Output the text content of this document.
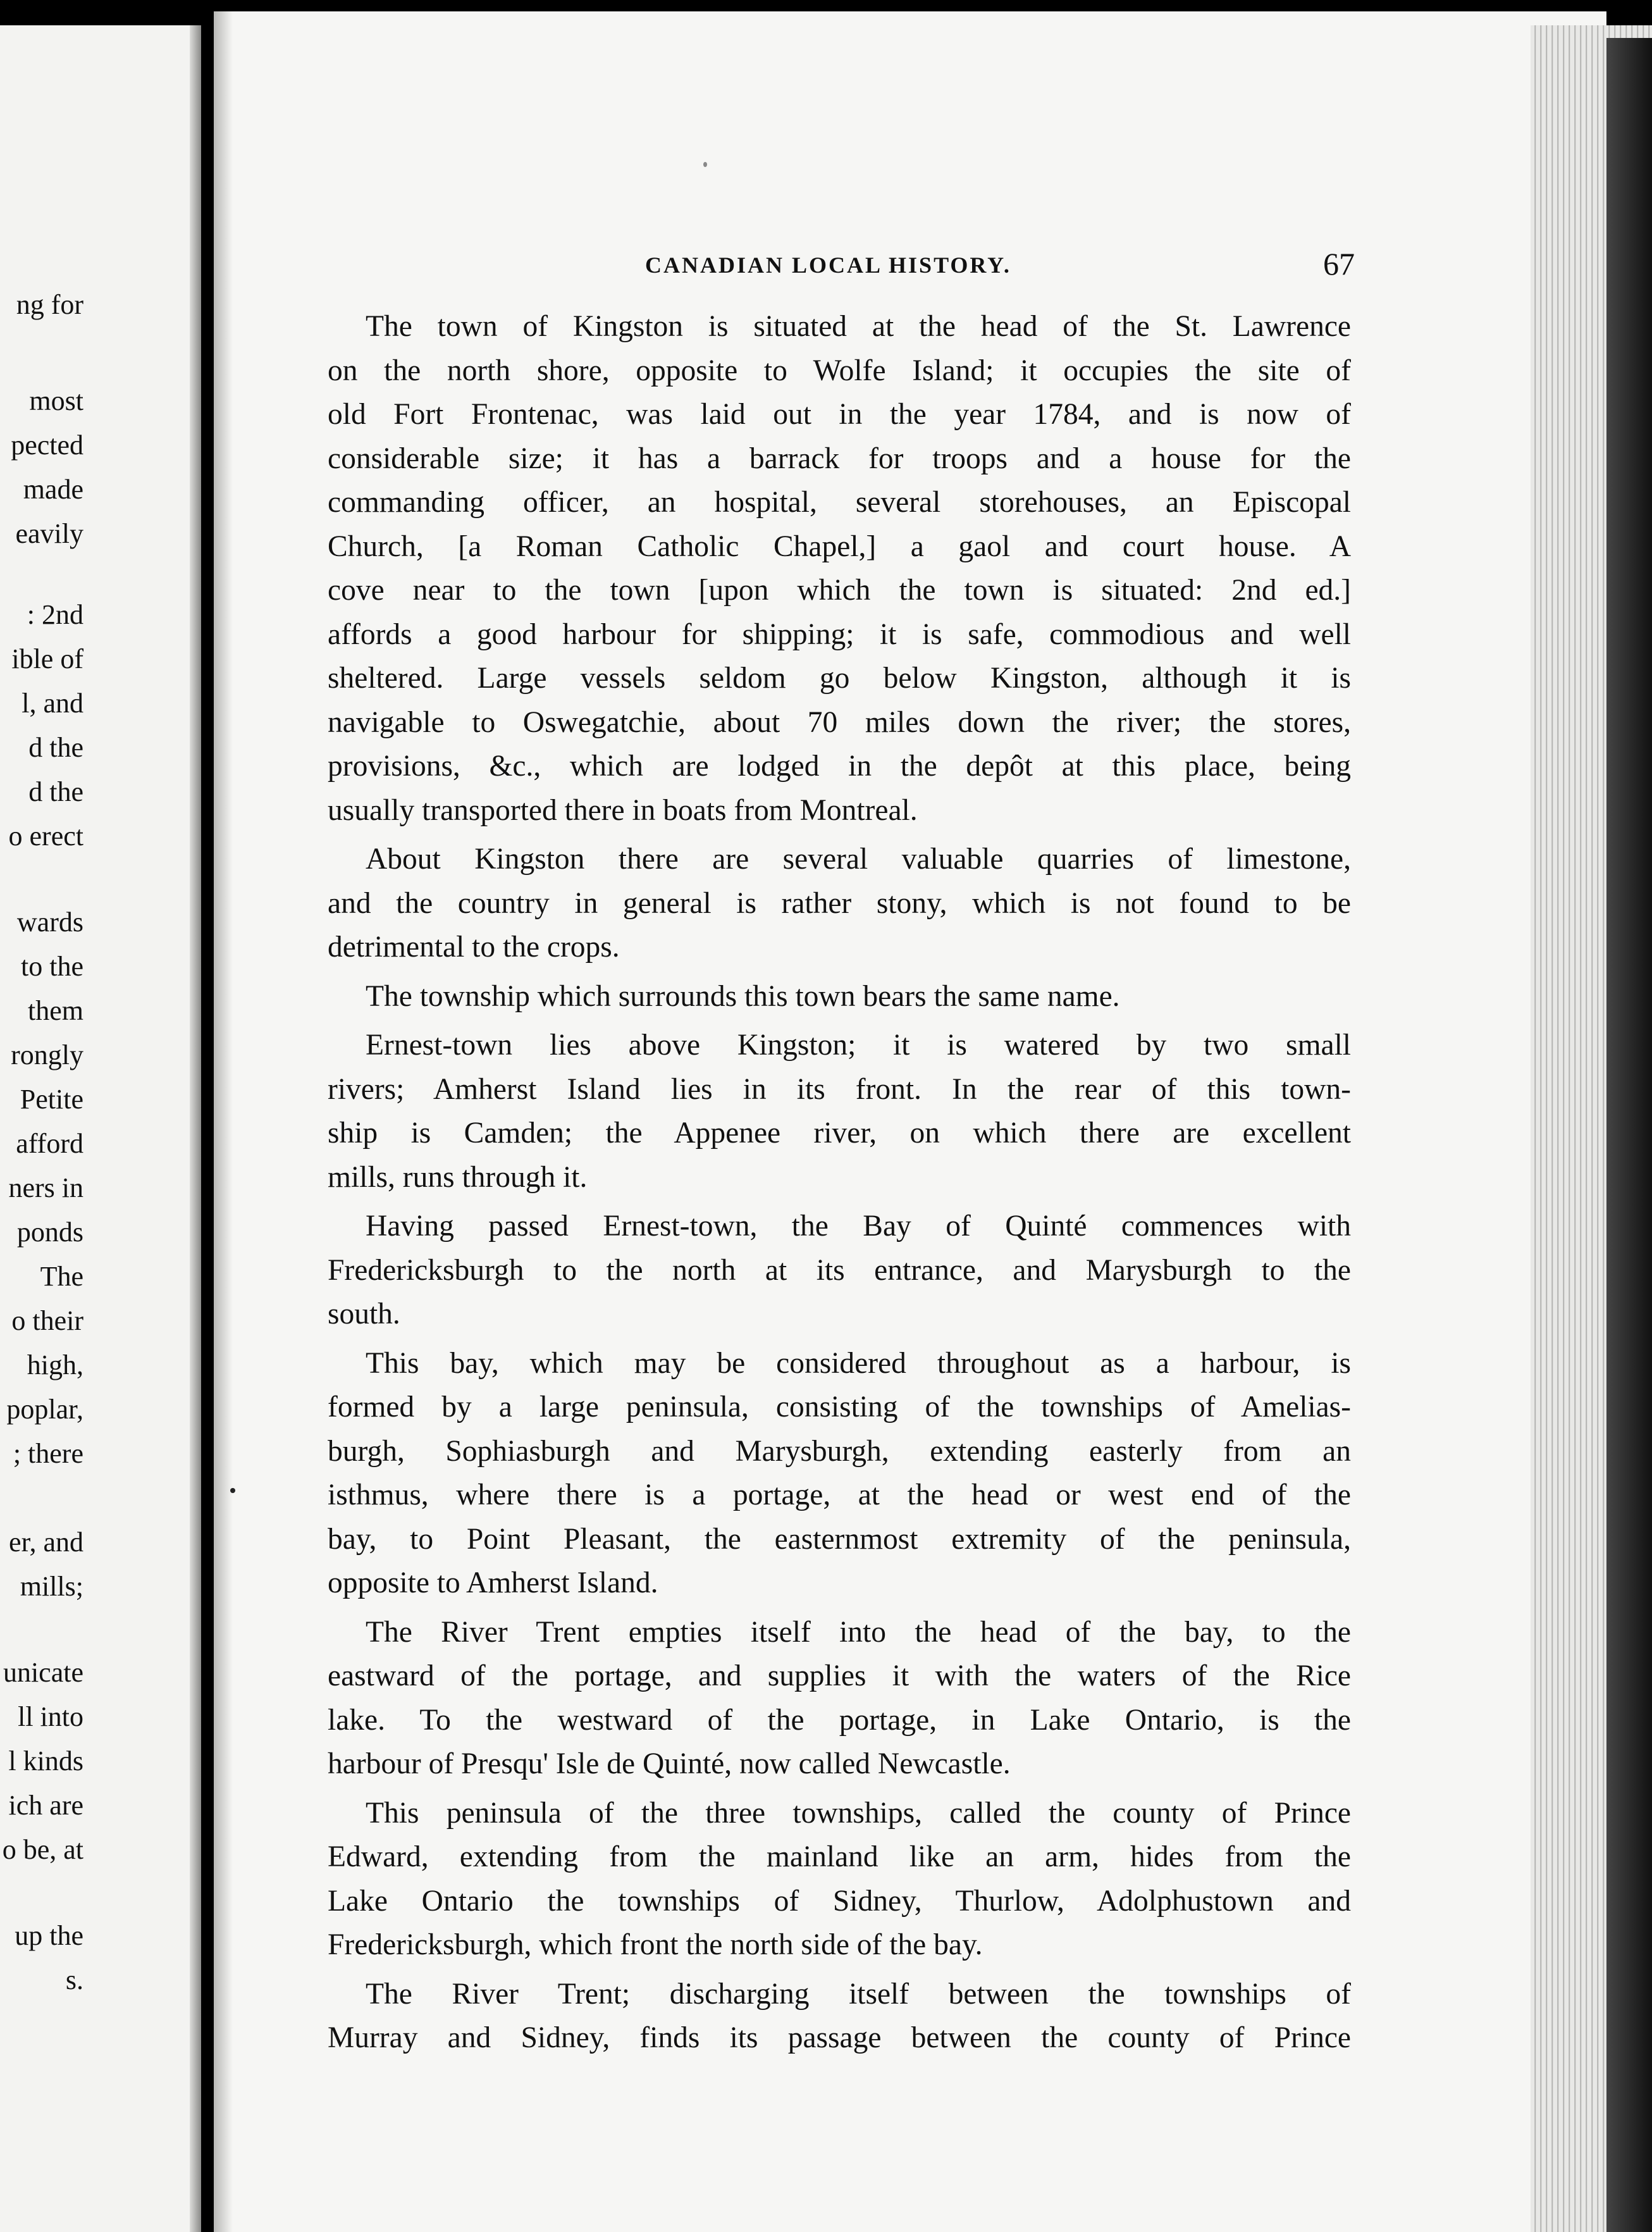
ng for
most
pected
made
eavily
: 2nd
ible of
l, and
d the
d the
o erect
wards
to the
them
rongly
Petite
afford
ners in
ponds
The
o their
high,
poplar,
; there
er, and
mills;
unicate
ll into
l kinds
ich are
o be, at
up the
s.
CANADIAN LOCAL HISTORY.	67
The town of Kingston is situated at the head of the St. Lawrence
on the north shore, opposite to Wolfe Island; it occupies the site of
old Fort Frontenac, was laid out in the year 1784, and is now of
considerable size; it has a barrack for troops and a house for the
commanding officer, an hospital, several storehouses, an Episcopal
Church, [a Roman Catholic Chapel,] a gaol and court house. A
cove near to the town [upon which the town is situated: 2nd ed.]
affords a good harbour for shipping; it is safe, commodious and well
sheltered. Large vessels seldom go below Kingston, although it is
navigable to Oswegatchie, about 70 miles down the river; the stores,
provisions, &c., which are lodged in the depôt at this place, being
usually transported there in boats from Montreal.
About Kingston there are several valuable quarries of limestone,
and the country in general is rather stony, which is not found to be
detrimental to the crops.
The township which surrounds this town bears the same name.
Ernest-town lies above Kingston; it is watered by two small
rivers; Amherst Island lies in its front. In the rear of this town-
ship is Camden; the Appenee river, on which there are excellent
mills, runs through it.
Having passed Ernest-town, the Bay of Quinté commences with
Fredericksburgh to the north at its entrance, and Marysburgh to the
south.
This bay, which may be considered throughout as a harbour, is
formed by a large peninsula, consisting of the townships of Amelias-
burgh, Sophiasburgh and Marysburgh, extending easterly from an
isthmus, where there is a portage, at the head or west end of the
bay, to Point Pleasant, the easternmost extremity of the peninsula,
opposite to Amherst Island.
The River Trent empties itself into the head of the bay, to the
eastward of the portage, and supplies it with the waters of the Rice
lake. To the westward of the portage, in Lake Ontario, is the
harbour of Presqu' Isle de Quinté, now called Newcastle.
This peninsula of the three townships, called the county of Prince
Edward, extending from the mainland like an arm, hides from the
Lake Ontario the townships of Sidney, Thurlow, Adolphustown and
Fredericksburgh, which front the north side of the bay.
The River Trent; discharging itself between the townships of
Murray and Sidney, finds its passage between the county of Prince
